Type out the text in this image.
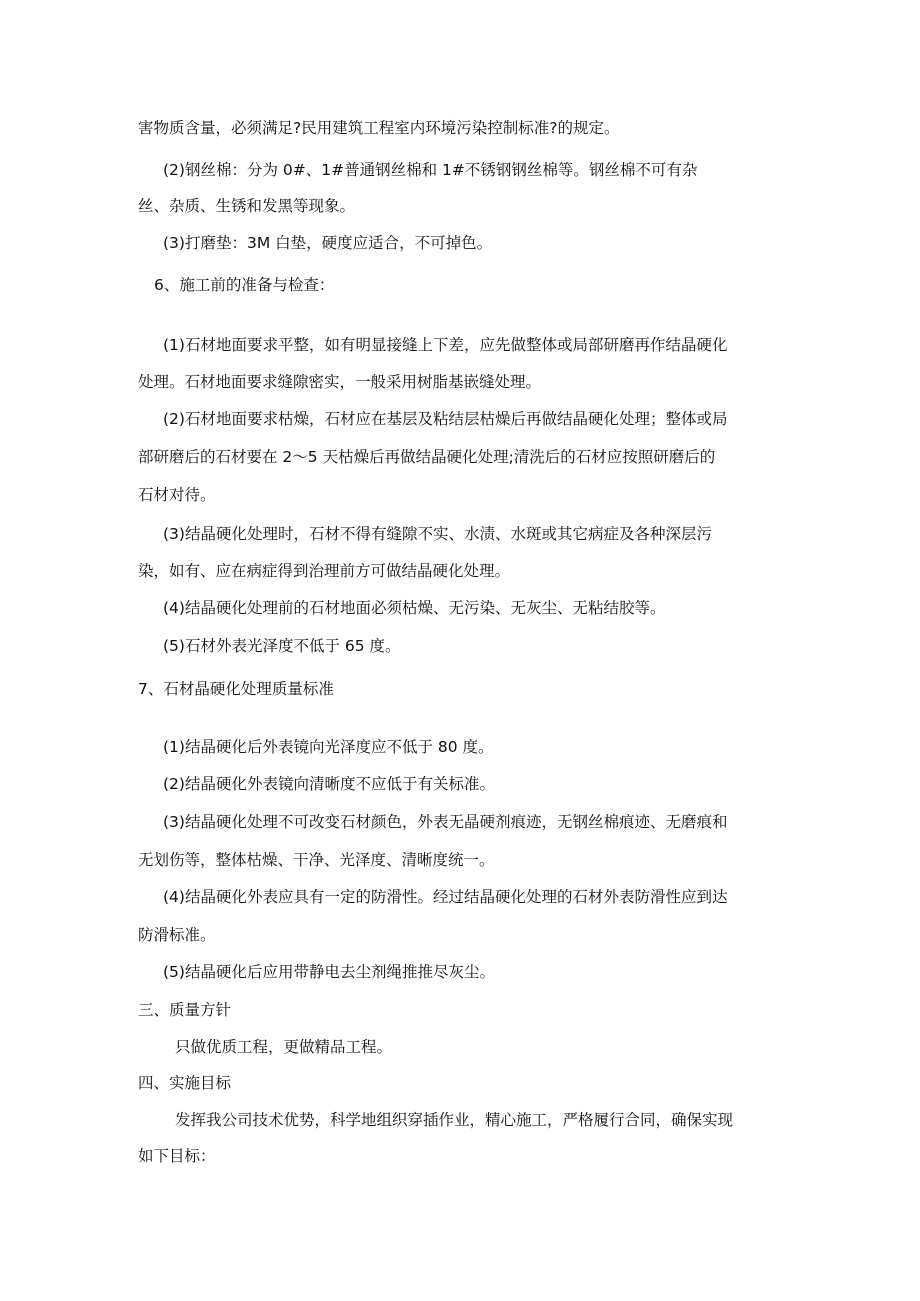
害物质含量，必须满足?民用建筑工程室内环境污染控制标准?的规定。

(2)钢丝棉：分为 0#、1#普通钢丝棉和 1#不锈钢钢丝棉等。钢丝棉不可有杂

丝、杂质、生锈和发黑等现象。

(3)打磨垫：3M 白垫，硬度应适合，不可掉色。

6、施工前的准备与检查：

(1)石材地面要求平整，如有明显接缝上下差，应先做整体或局部研磨再作结晶硬化

处理。石材地面要求缝隙密实，一般采用树脂基嵌缝处理。

(2)石材地面要求枯燥，石材应在基层及粘结层枯燥后再做结晶硬化处理；整体或局

部研磨后的石材要在 2～5 天枯燥后再做结晶硬化处理;清洗后的石材应按照研磨后的

石材对待。

(3)结晶硬化处理时，石材不得有缝隙不实、水渍、水斑或其它病症及各种深层污

染，如有、应在病症得到治理前方可做结晶硬化处理。

(4)结晶硬化处理前的石材地面必须枯燥、无污染、无灰尘、无粘结胶等。

(5)石材外表光泽度不低于 65 度。

7、石材晶硬化处理质量标准

(1)结晶硬化后外表镜向光泽度应不低于 80 度。

(2)结晶硬化外表镜向清晰度不应低于有关标准。

(3)结晶硬化处理不可改变石材颜色，外表无晶硬剂痕迹，无钢丝棉痕迹、无磨痕和

无划伤等，整体枯燥、干净、光泽度、清晰度统一。

(4)结晶硬化外表应具有一定的防滑性。经过结晶硬化处理的石材外表防滑性应到达

防滑标准。

(5)结晶硬化后应用带静电去尘剂绳推推尽灰尘。

三、质量方针

只做优质工程，更做精品工程。

四、实施目标

发挥我公司技术优势，科学地组织穿插作业，精心施工，严格履行合同，确保实现

如下目标：
